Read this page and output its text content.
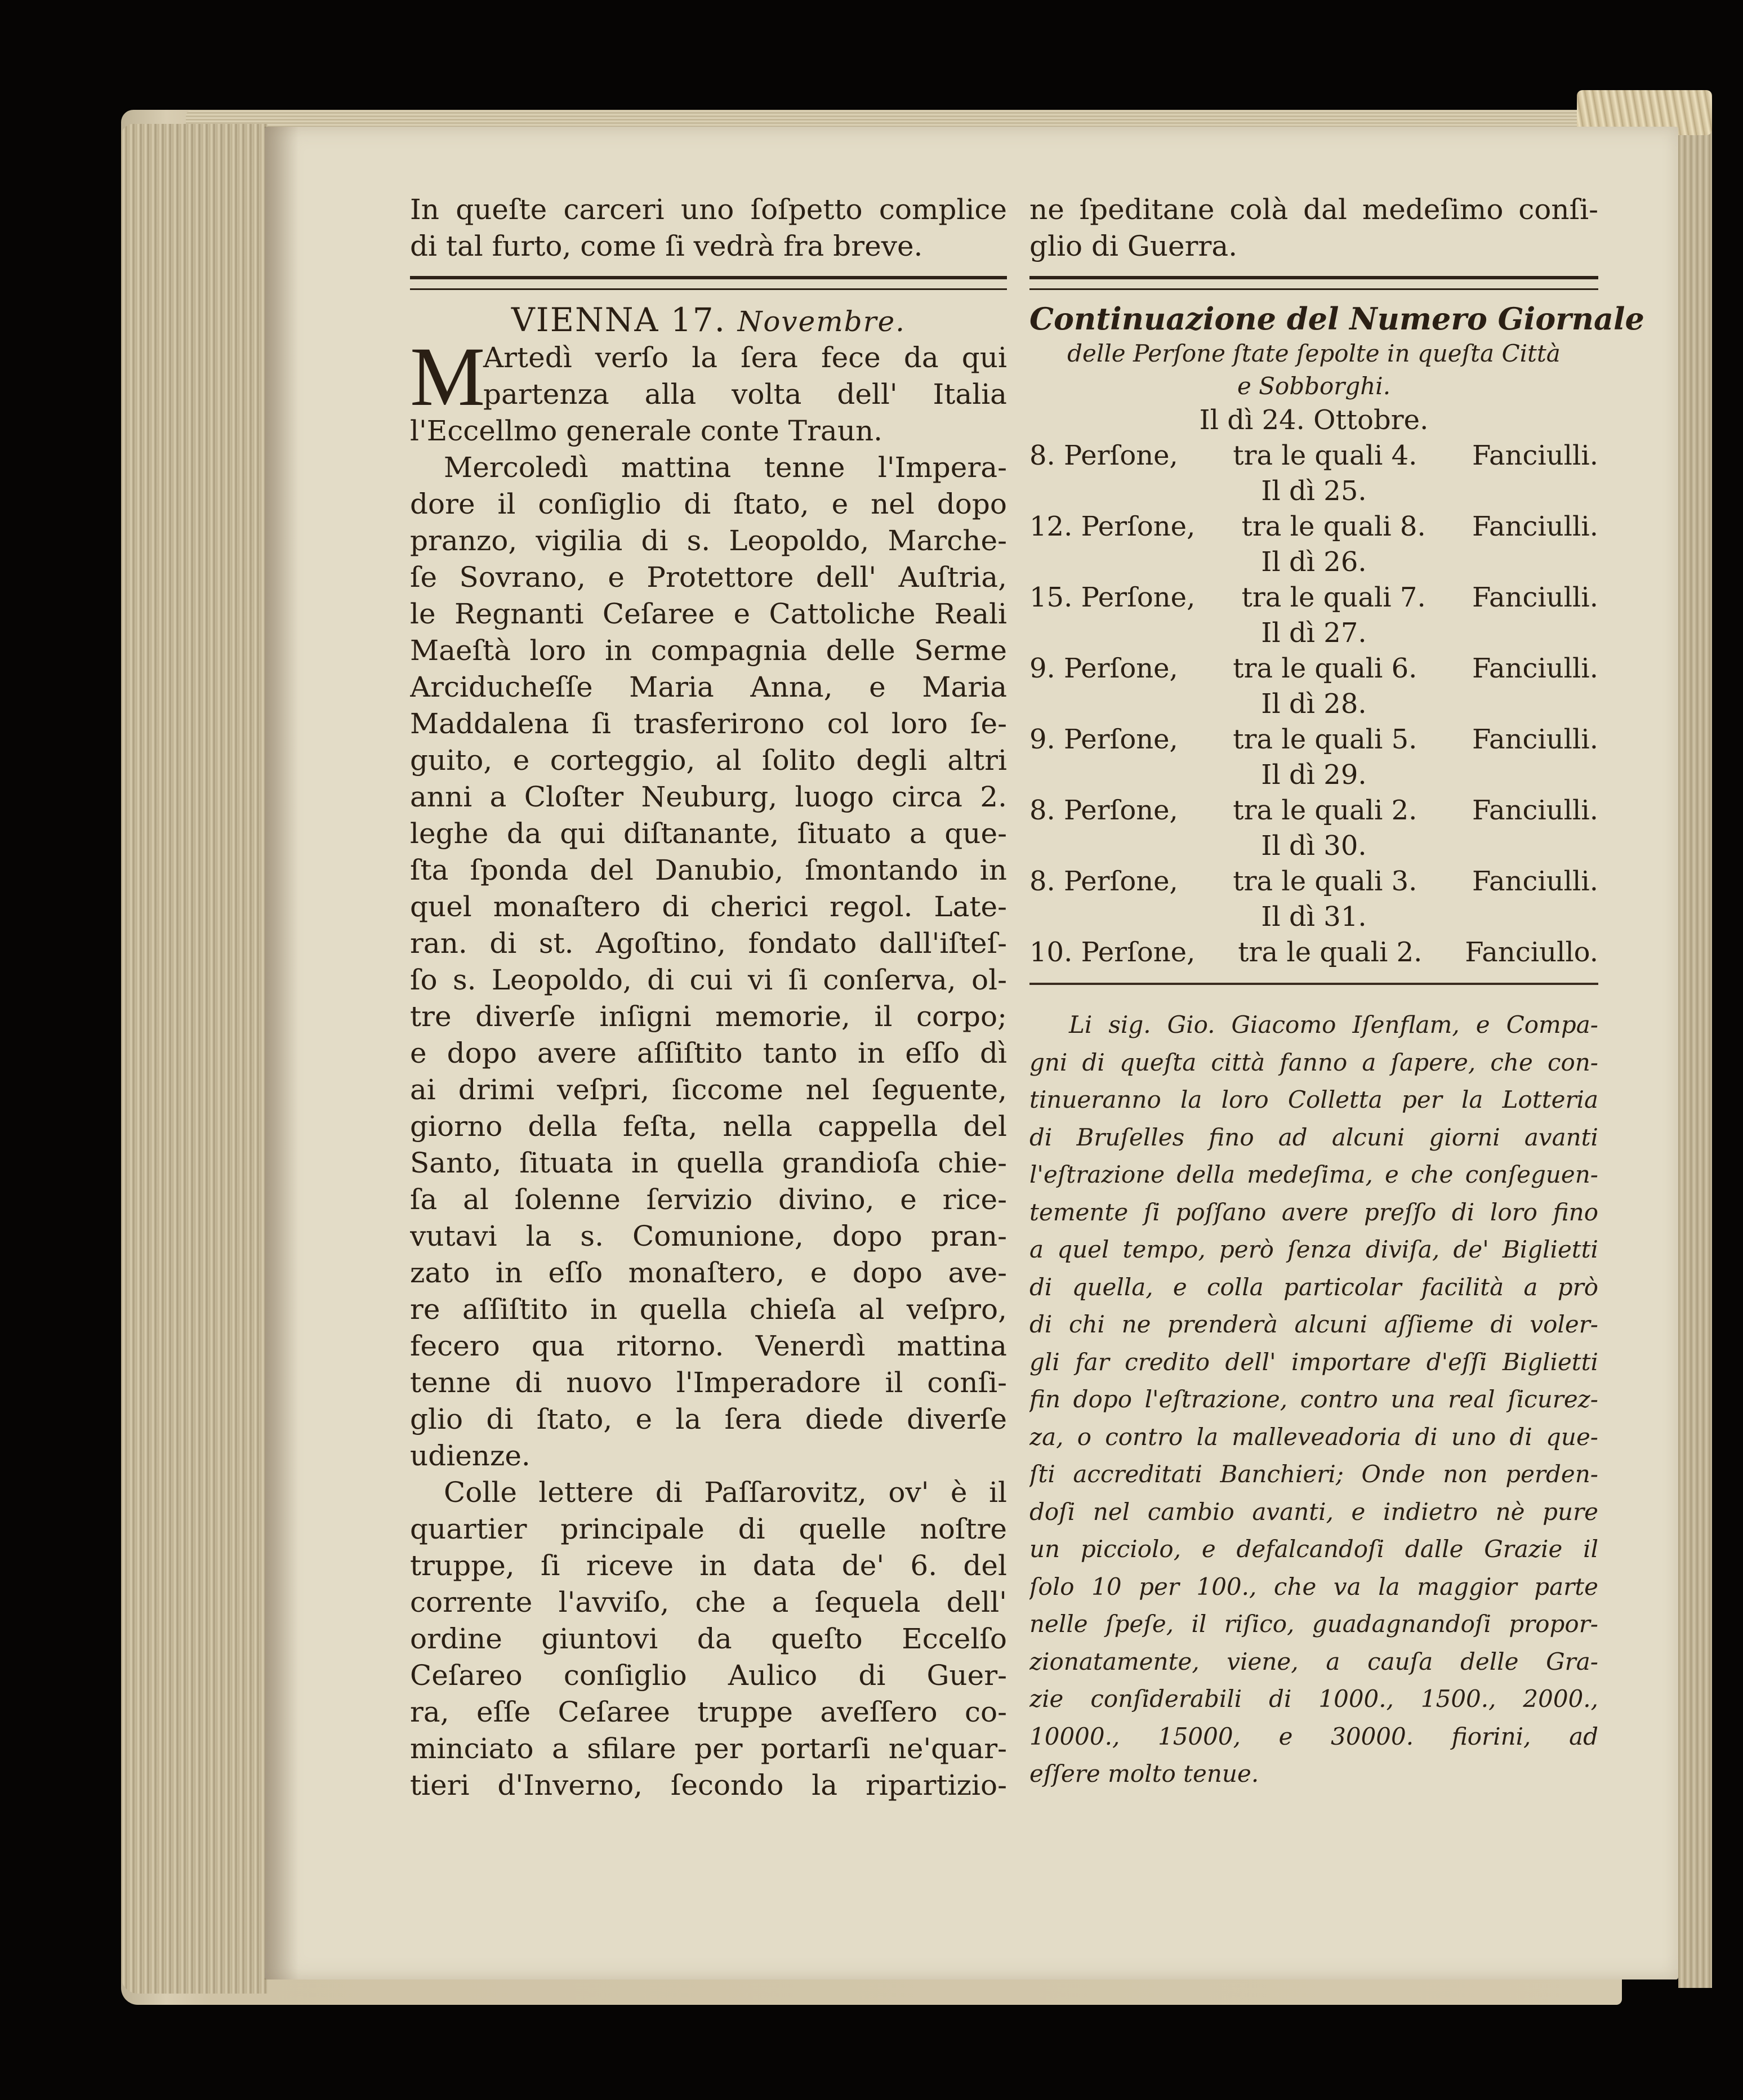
In queſte carceri uno ſoſpetto complice
di tal furto, come ſi vedrà fra breve.
VIENNA 17. Novembre.
M
Artedì verſo la ſera fece da qui
partenza alla volta dell' Italia
l'Eccellmo generale conte Traun.
Mercoledì mattina tenne l'Impera-
dore il conſiglio di ſtato, e nel dopo
pranzo, vigilia di s. Leopoldo, Marche-
ſe Sovrano, e Protettore dell' Auſtria,
le Regnanti Ceſaree e Cattoliche Reali
Maeſtà loro in compagnia delle Serme
Arciducheſſe Maria Anna, e Maria
Maddalena ſi trasferirono col loro ſe-
guito, e corteggio, al ſolito degli altri
anni a Cloſter Neuburg, luogo circa 2.
leghe da qui diſtanante, ſituato a que-
ſta ſponda del Danubio, ſmontando in
quel monaſtero di cherici regol. Late-
ran. di st. Agoſtino, fondato dall'iſteſ-
ſo s. Leopoldo, di cui vi ſi conſerva, ol-
tre diverſe inſigni memorie, il corpo;
e dopo avere aſſiſtito tanto in eſſo dì
ai drimi veſpri, ſiccome nel ſeguente,
giorno della feſta, nella cappella del
Santo, ſituata in quella grandioſa chie-
ſa al ſolenne ſervizio divino, e rice-
vutavi la s. Comunione, dopo pran-
zato in eſſo monaſtero, e dopo ave-
re aſſiſtito in quella chieſa al veſpro,
fecero qua ritorno. Venerdì mattina
tenne di nuovo l'Imperadore il conſi-
glio di ſtato, e la ſera diede diverſe
udienze.
Colle lettere di Paſſarovitz, ov' è il
quartier principale di quelle noſtre
truppe, ſi riceve in data de' 6. del
corrente l'avviſo, che a ſequela dell'
ordine giuntovi da queſto Eccelſo
Ceſareo conſiglio Aulico di Guer-
ra, eſſe Ceſaree truppe aveſſero co-
minciato a sfilare per portarſi ne'quar-
tieri d'Inverno, ſecondo la ripartizio-
ne ſpeditane colà dal medeſimo conſi-
glio di Guerra.
Continuazione del Numero Giornale
delle Perſone ſtate ſepolte in queſta Città
e Sobborghi.
Il dì 24. Ottobre.
8. Perſone, tra le quali 4. Fanciulli.
Il dì 25.
12. Perſone, tra le quali 8. Fanciulli.
Il dì 26.
15. Perſone, tra le quali 7. Fanciulli.
Il dì 27.
9. Perſone, tra le quali 6. Fanciulli.
Il dì 28.
9. Perſone, tra le quali 5. Fanciulli.
Il dì 29.
8. Perſone, tra le quali 2. Fanciulli.
Il dì 30.
8. Perſone, tra le quali 3. Fanciulli.
Il dì 31.
10. Perſone, tra le quali 2. Fanciullo.
Li sig. Gio. Giacomo Iſenflam, e Compa-
gni di queſta città fanno a ſapere, che con-
tinueranno la loro Colletta per la Lotteria
di Bruſelles fino ad alcuni giorni avanti
l'eſtrazione della medeſima, e che conſeguen-
temente ſi poſſano avere preſſo di loro fino
a quel tempo, però ſenza diviſa, de' Biglietti
di quella, e colla particolar facilità a prò
di chi ne prenderà alcuni aſſieme di voler-
gli far credito dell' importare d'eſſi Biglietti
fin dopo l'eſtrazione, contro una real ſicurez-
za, o contro la malleveadoria di uno di que-
ſti accreditati Banchieri; Onde non perden-
doſi nel cambio avanti, e indietro nè pure
un picciolo, e defalcandoſi dalle Grazie il
ſolo 10 per 100., che va la maggior parte
nelle ſpeſe, il riſico, guadagnandoſi propor-
zionatamente, viene, a cauſa delle Gra-
zie conſiderabili di 1000., 1500., 2000.,
10000., 15000, e 30000. fiorini, ad
eſſere molto tenue.
